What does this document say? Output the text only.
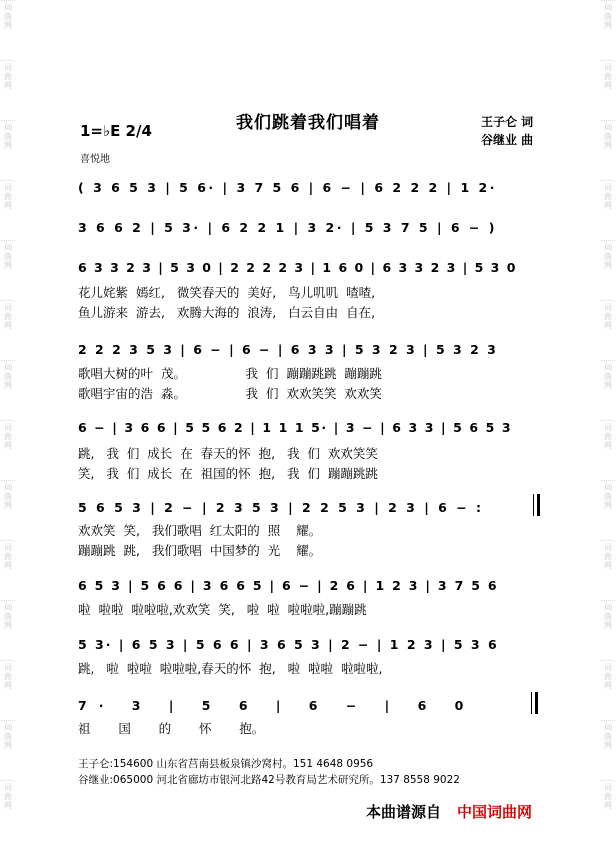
词
曲
网
词
曲
网
词
曲
网
词
曲
网
词
曲
网
词
曲
网
词
曲
网
词
曲
网
词
曲
网
词
曲
网
词
曲
网
词
曲
网
词
曲
网
词
曲
网
词
曲
网
词
曲
网
词
曲
网
词
曲
网
词
曲
网
词
曲
网
词
曲
网
词
曲
网
词
曲
网
词
曲
网
词
曲
网
词
曲
网
词
曲
网
词
曲
网
我们跳着我们唱着
1=♭E 2/4
喜悦地
王子仑 词
谷继业 曲
( 3 6 5 3 | 5 6· | 3 7 5 6 | 6 − | 6 2 2 2 | 1 2·
3 6 6 2 | 5 3· | 6 2 2 1 | 3 2· | 5 3 7 5 | 6 − )
6 3 3 2 3 | 5 3 0 | 2 2 2 2 3 | 1 6 0 | 6 3 3 2 3 | 5 3 0
花儿姹紫  嫣红,   微笑春天的  美好,   鸟儿叽叽  喳喳,
鱼儿游来  游去,   欢腾大海的  浪涛,   白云自由  自在,
2 2 2 3 5 3 | 6 − | 6 − | 6 3 3 | 5 3 2 3 | 5 3 2 3
歌唱大树的叶  茂。               我  们  蹦蹦跳跳  蹦蹦跳
歌唱宇宙的浩  淼。               我  们  欢欢笑笑  欢欢笑
6 − | 3 6 6 | 5 5 6 2 | 1 1 1 5· | 3 − | 6 3 3 | 5 6 5 3
跳,   我  们  成长  在  春天的怀  抱,   我  们  欢欢笑笑
笑,   我  们  成长  在  祖国的怀  抱,   我  们  蹦蹦跳跳
5 6 5 3 | 2 − | 2 3 5 3 | 2 2 5 3 | 2 3 | 6 − :
欢欢笑  笑,   我们歌唱  红太阳的  照    耀。
蹦蹦跳  跳,   我们歌唱  中国梦的  光    耀。
6 5 3 | 5 6 6 | 3 6 6 5 | 6 − | 2 6 | 1 2 3 | 3 7 5 6
啦  啦啦  啦啦啦,欢欢笑  笑,   啦  啦  啦啦啦,蹦蹦跳
5 3· | 6 5 3 | 5 6 6 | 3 6 5 3 | 2 − | 1 2 3 | 5 3 6
跳,   啦  啦啦  啦啦啦,春天的怀  抱,   啦  啦啦  啦啦啦,
7· 3 | 5 6 | 6 − | 6 0
祖       国       的       怀       抱。
王子仑:154600 山东省莒南县板泉镇沙窝村。151 4648 0956
谷继业:065000 河北省廊坊市银河北路42号教育局艺术研究所。137 8558 9022
本曲谱源自 中国词曲网
